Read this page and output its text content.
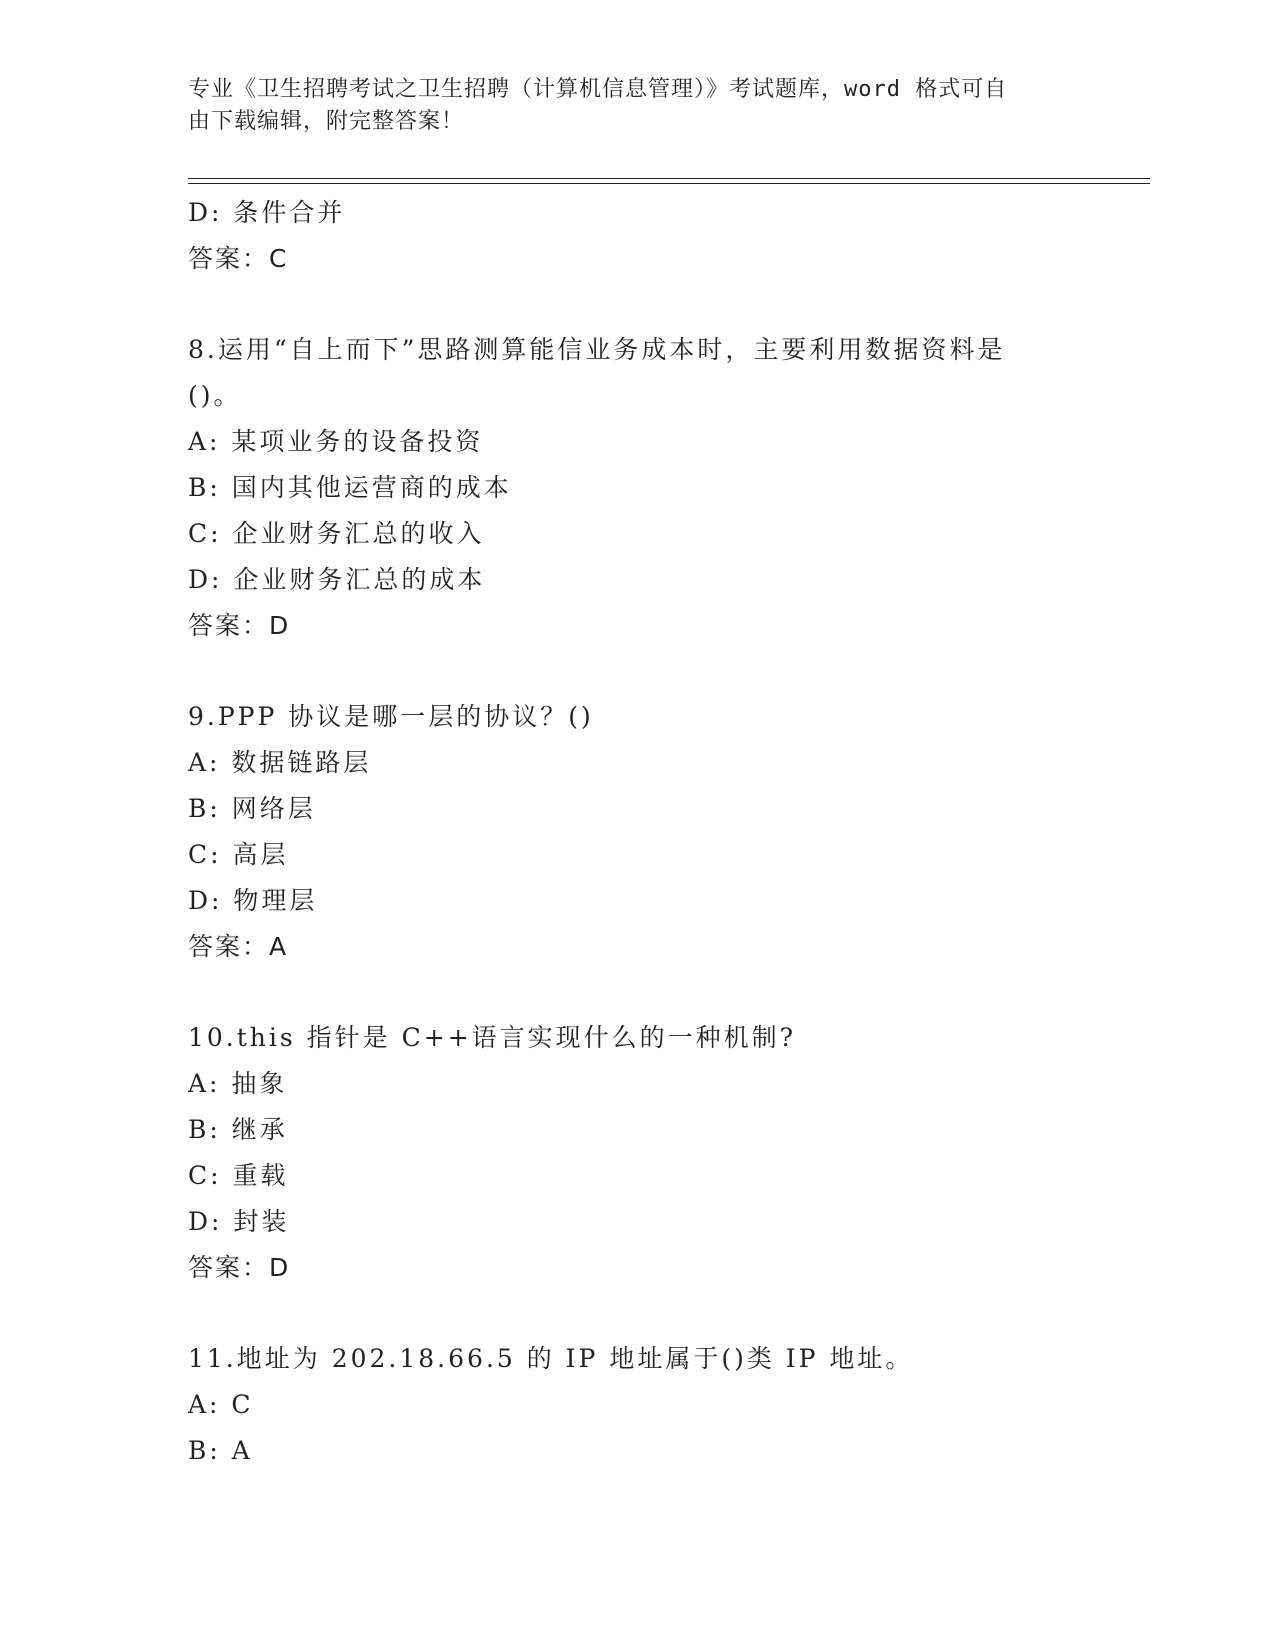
专业《卫生招聘考试之卫生招聘（计算机信息管理）》考试题库，word 格式可自
由下载编辑，附完整答案！
D: 条件合并
答案：C
8.运用“自上而下”思路测算能信业务成本时，主要利用数据资料是
()。
A: 某项业务的设备投资
B: 国内其他运营商的成本
C: 企业财务汇总的收入
D: 企业财务汇总的成本
答案：D
9.PPP 协议是哪一层的协议？()
A: 数据链路层
B: 网络层
C: 高层
D: 物理层
答案：A
10.this 指针是 C++语言实现什么的一种机制?
A: 抽象
B: 继承
C: 重载
D: 封装
答案：D
11.地址为 202.18.66.5 的 IP 地址属于()类 IP 地址。
A: C
B: A
